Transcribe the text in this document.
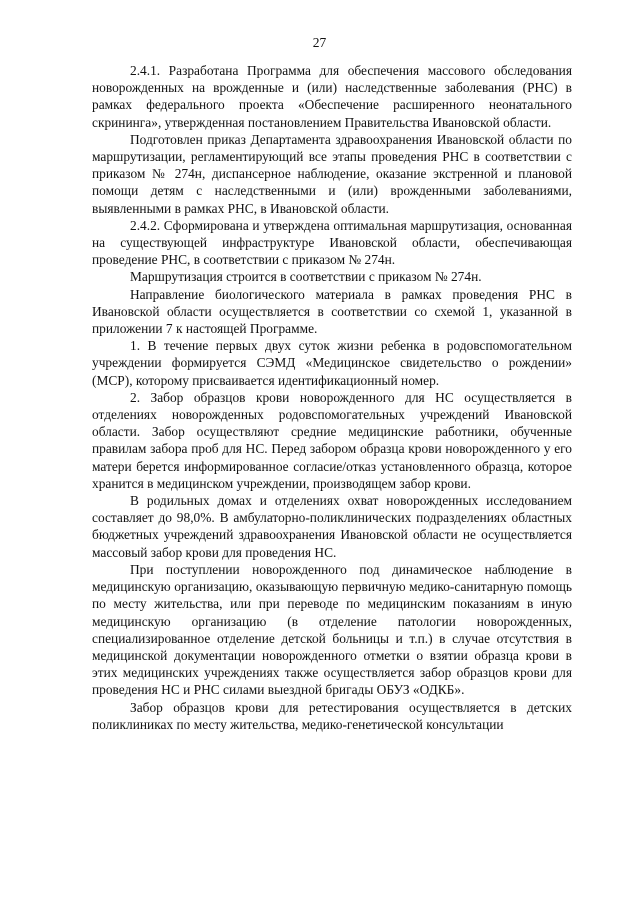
27

2.4.1. Разработана Программа для обеспечения массового обследования новорожденных на врожденные и (или) наследственные заболевания (РНС) в рамках федерального проекта «Обеспечение расширенного неонатального скрининга», утвержденная постановлением Правительства Ивановской области.

Подготовлен приказ Департамента здравоохранения Ивановской области по маршрутизации, регламентирующий все этапы проведения РНС в соответствии с приказом № 274н, диспансерное наблюдение, оказание экстренной и плановой помощи детям с наследственными и (или) врожденными заболеваниями, выявленными в рамках РНС, в Ивановской области.

2.4.2. Сформирована и утверждена оптимальная маршрутизация, основанная на существующей инфраструктуре Ивановской области, обеспечивающая проведение РНС, в соответствии с приказом № 274н.

Маршрутизация строится в соответствии с приказом № 274н.

Направление биологического материала в рамках проведения РНС в Ивановской области осуществляется в соответствии со схемой 1, указанной в приложении 7 к настоящей Программе.

1. В течение первых двух суток жизни ребенка в родовспомогательном учреждении формируется СЭМД «Медицинское свидетельство о рождении» (МСР), которому присваивается идентификационный номер.

2. Забор образцов крови новорожденного для НС осуществляется в отделениях новорожденных родовспомогательных учреждений Ивановской области. Забор осуществляют средние медицинские работники, обученные правилам забора проб для НС. Перед забором образца крови новорожденного у его матери берется информированное согласие/отказ установленного образца, которое хранится в медицинском учреждении, производящем забор крови.

В родильных домах и отделениях охват новорожденных исследованием составляет до 98,0%. В амбулаторно-поликлинических подразделениях областных бюджетных учреждений здравоохранения Ивановской области не осуществляется массовый забор крови для проведения НС.

При поступлении новорожденного под динамическое наблюдение в медицинскую организацию, оказывающую первичную медико-санитарную помощь по месту жительства, или при переводе по медицинским показаниям в иную медицинскую организацию (в отделение патологии новорожденных, специализированное отделение детской больницы и т.п.) в случае отсутствия в медицинской документации новорожденного отметки о взятии образца крови в этих медицинских учреждениях также осуществляется забор образцов крови для проведения НС и РНС силами выездной бригады ОБУЗ «ОДКБ».

Забор образцов крови для ретестирования осуществляется в детских поликлиниках по месту жительства, медико-генетической консультации
